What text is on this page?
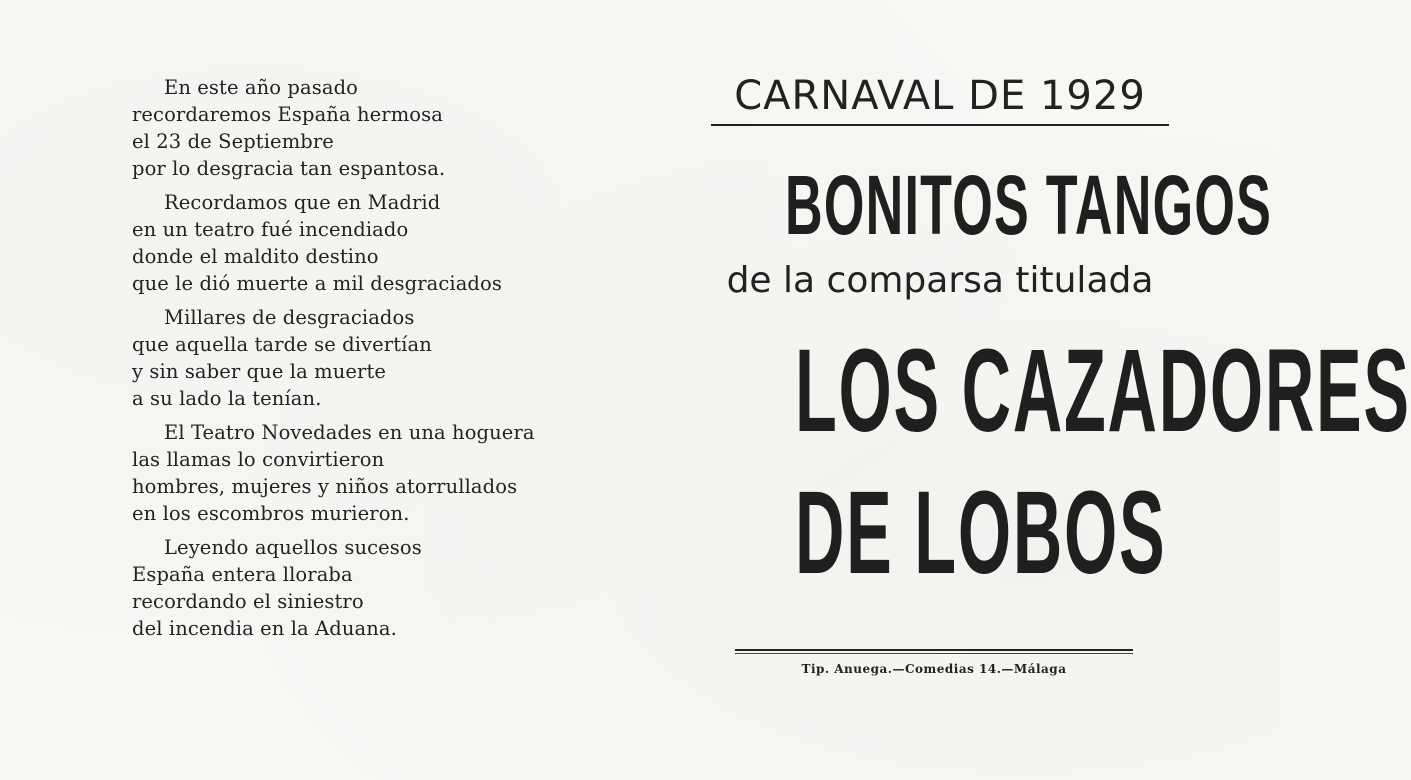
En este año pasado
recordaremos España hermosa
el 23 de Septiembre
por lo desgracia tan espantosa.
Recordamos que en Madrid
en un teatro fué incendiado
donde el maldito destino
que le dió muerte a mil desgraciados
Millares de desgraciados
que aquella tarde se divertían
y sin saber que la muerte
a su lado la tenían.
El Teatro Novedades en una hoguera
las llamas lo convirtieron
hombres, mujeres y niños atorrullados
en los escombros murieron.
Leyendo aquellos sucesos
España entera lloraba
recordando el siniestro
del incendia en la Aduana.
CARNAVAL DE 1929
BONITOS TANGOS
de la comparsa titulada
LOS CAZADORES
DE LOBOS
Tip. Anuega.—Comedias 14.—Málaga
